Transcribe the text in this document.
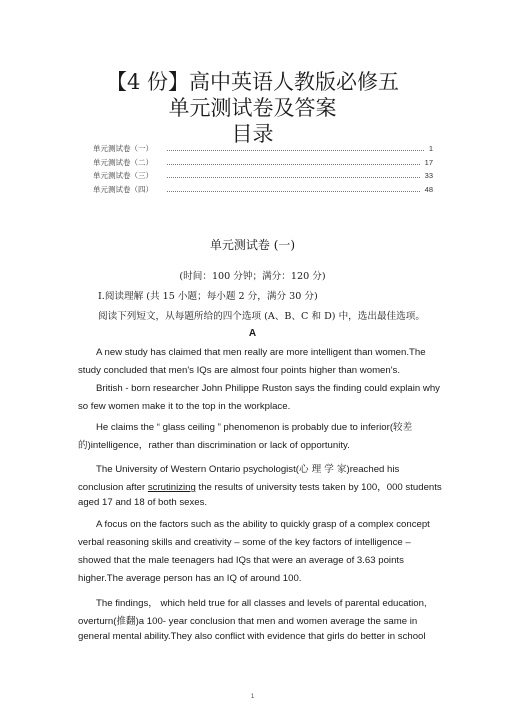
【4 份】高中英语人教版必修五
单元测试卷及答案
目录
单元测试卷（一）	1
单元测试卷（二）	17
单元测试卷（三）	33
单元测试卷（四）	48
单元测试卷 (一)
(时间：100 分钟；满分：120 分)
Ⅰ.阅读理解 (共 15 小题；每小题 2 分，满分 30 分)
阅读下列短文，从每题所给的四个选项 (A、B、C 和 D) 中，选出最佳选项。
A
A new study has claimed that men really are more intelligent than women.The
study concluded that men's IQs are almost four points higher than women's.
British - born researcher John Philippe Ruston says the finding could explain why
so few women make it to the top in the workplace.
He claims the “ glass ceiling ” phenomenon is probably due to inferior(较差
的)intelligence，rather than discrimination or lack of opportunity.
The University of Western Ontario psychologist(心 理 学 家)reached his
conclusion after scrutinizing the results of university tests taken by 100，000 students
aged 17 and 18 of both sexes.
A focus on the factors such as the ability to quickly grasp of a complex concept
verbal reasoning skills and creativity – some of the key factors of intelligence –
showed that the male teenagers had IQs that were an average of 3.63 points
higher.The average person has an IQ of around 100.
The findings， which held true for all classes and levels of parental education,
overturn(推翻)a 100- year conclusion that men and women average the same in
general mental ability.They also conflict with evidence that girls do better in school
1
